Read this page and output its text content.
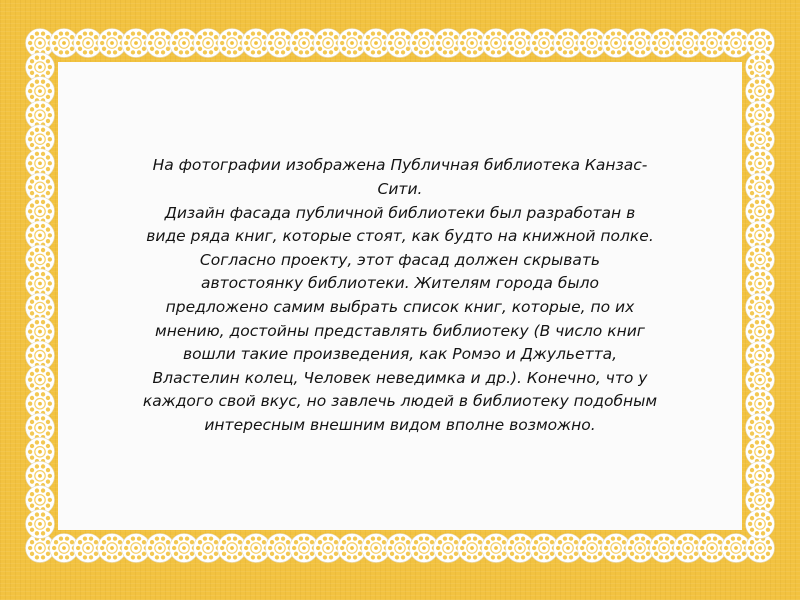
На фотографии изображена Публичная библиотека Канзас-
Сити.
Дизайн фасада публичной библиотеки был разработан в
виде ряда книг, которые стоят, как будто на книжной полке.
Согласно проекту, этот фасад должен скрывать
автостоянку библиотеки. Жителям города было
предложено самим выбрать список книг, которые, по их
мнению, достойны представлять библиотеку (В число книг
вошли такие произведения, как Ромэо и Джульетта,
Властелин колец, Человек неведимка и др.). Конечно, что у
каждого свой вкус, но завлечь людей в библиотеку подобным
интересным внешним видом вполне возможно.
